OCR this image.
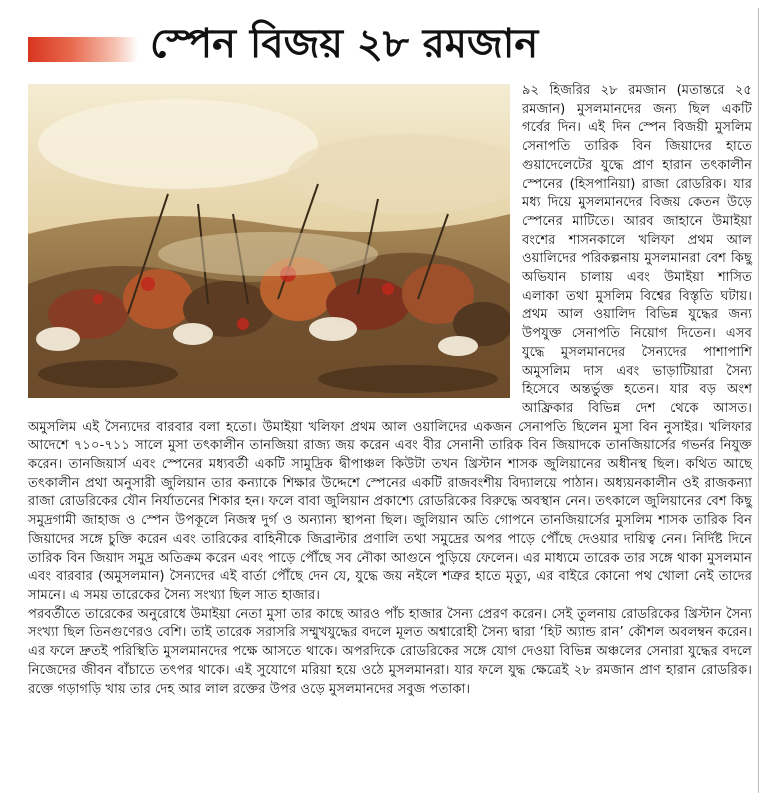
স্পেন বিজয় ২৮ রমজান

৯২ হিজরির ২৮ রমজান (মতান্তরে ২৫ রমজান) মুসলমানদের জন্য ছিল একটি গর্বের দিন। এই দিন স্পেন বিজয়ী মুসলিম সেনাপতি তারিক বিন জিয়াদের হাতে গুয়াদেলেটের যুদ্ধে প্রাণ হারান তৎকালীন স্পেনের (হিসপানিয়া) রাজা রোডরিক। যার মধ্য দিয়ে মুসলমানদের বিজয় কেতন উড়ে স্পেনের মাটিতে। আরব জাহানে উমাইয়া বংশের শাসনকালে খলিফা প্রথম আল ওয়ালিদের পরিকল্পনায় মুসলমানরা বেশ কিছু অভিযান চালায় এবং উমাইয়া শাসিত এলাকা তথা মুসলিম বিশ্বের বিস্তৃতি ঘটায়। প্রথম আল ওয়ালিদ বিভিন্ন যুদ্ধের জন্য উপযুক্ত সেনাপতি নিয়োগ দিতেন। এসব যুদ্ধে মুসলমানদের সৈন্যদের পাশাপাশি অমুসলিম দাস এবং ভাড়াটিয়ারা সৈন্য হিসেবে অন্তর্ভুক্ত হতেন। যার বড় অংশ আফ্রিকার বিভিন্ন দেশ থেকে আসত। অমুসলিম এই সৈন্যদের বারবার বলা হতো। উমাইয়া খলিফা প্রথম আল ওয়ালিদের একজন সেনাপতি ছিলেন মুসা বিন নুসাইর। খলিফার আদেশে ৭১০-৭১১ সালে মুসা তৎকালীন তানজিয়া রাজ্য জয় করেন এবং বীর সেনানী তারিক বিন জিয়াদকে তানজিয়ার্সের গভর্নর নিযুক্ত করেন। তানজিয়ার্স এবং স্পেনের মধ্যবর্তী একটি সামুদ্রিক দ্বীপাঞ্চল কিউটা তখন খ্রিস্টান শাসক জুলিয়ানের অধীনস্থ ছিল। কথিত আছে তৎকালীন প্রথা অনুসারী জুলিয়ান তার কন্যাকে শিক্ষার উদ্দেশে স্পেনের একটি রাজবংশীয় বিদ্যালয়ে পাঠান। অধ্যয়নকালীন ওই রাজকন্যা রাজা রোডরিকের যৌন নির্যাতনের শিকার হন। ফলে বাবা জুলিয়ান প্রকাশ্যে রোডরিকের বিরুদ্ধে অবস্থান নেন। তৎকালে জুলিয়ানের বেশ কিছু সমুদ্রগামী জাহাজ ও স্পেন উপকূলে নিজস্ব দুর্গ ও অন্যান্য স্থাপনা ছিল। জুলিয়ান অতি গোপনে তানজিয়ার্সের মুসলিম শাসক তারিক বিন জিয়াদের সঙ্গে চুক্তি করেন এবং তারিকের বাহিনীকে জিব্রাল্টার প্রণালি তথা সমুদ্রের অপর পাড়ে পৌঁছে দেওয়ার দায়িত্ব নেন। নির্দিষ্ট দিনে তারিক বিন জিয়াদ সমুদ্র অতিক্রম করেন এবং পাড়ে পৌঁছে সব নৌকা আগুনে পুড়িয়ে ফেলেন। এর মাধ্যমে তারেক তার সঙ্গে থাকা মুসলমান এবং বারবার (অমুসলমান) সৈন্যদের এই বার্তা পৌঁছে দেন যে, যুদ্ধে জয় নইলে শত্রুর হাতে মৃত্যু, এর বাইরে কোনো পথ খোলা নেই তাদের সামনে। এ সময় তারেকের সৈন্য সংখ্যা ছিল সাত হাজার।

পরবর্তীতে তারেকের অনুরোধে উমাইয়া নেতা মুসা তার কাছে আরও পাঁচ হাজার সৈন্য প্রেরণ করেন। সেই তুলনায় রোডরিকের খ্রিস্টান সৈন্য সংখ্যা ছিল তিনগুণেরও বেশি। তাই তারেক সরাসরি সম্মুখযুদ্ধের বদলে মূলত অশ্বারোহী সৈন্য দ্বারা ‘হিট অ্যান্ড রান’ কৌশল অবলম্বন করেন। এর ফলে দ্রুতই পরিস্থিতি মুসলমানদের পক্ষে আসতে থাকে। অপরদিকে রোডরিকের সঙ্গে যোগ দেওয়া বিভিন্ন অঞ্চলের সেনারা যুদ্ধের বদলে নিজেদের জীবন বাঁচাতে তৎপর থাকে। এই সুযোগে মরিয়া হয়ে ওঠে মুসলমানরা। যার ফলে যুদ্ধ ক্ষেত্রেই ২৮ রমজান প্রাণ হারান রোডরিক। রক্তে গড়াগড়ি খায় তার দেহ আর লাল রক্তের উপর ওড়ে মুসলমানদের সবুজ পতাকা।
